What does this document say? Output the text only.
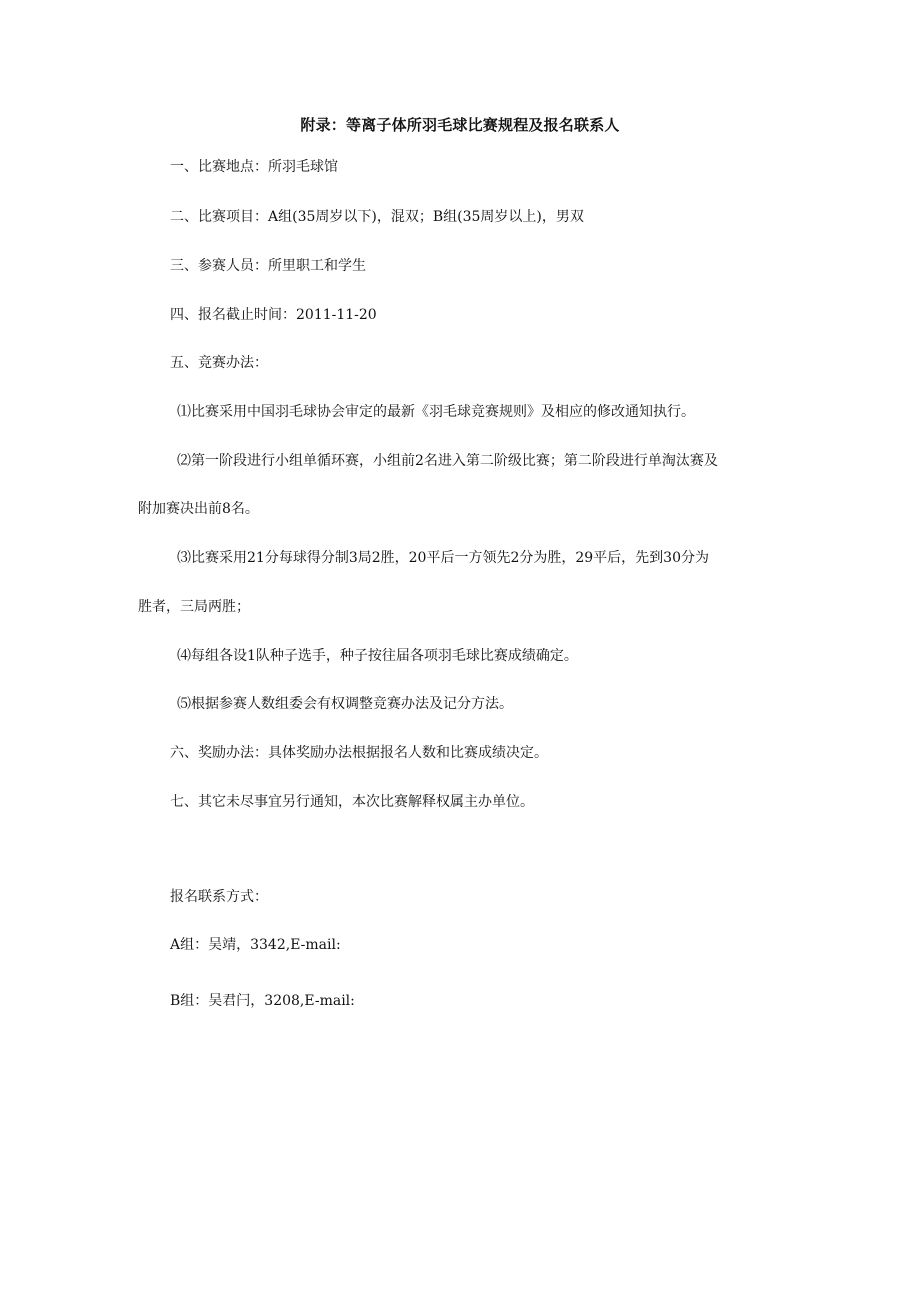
附录：等离子体所羽毛球比赛规程及报名联系人

一、比赛地点：所羽毛球馆

二、比赛项目：A组(35周岁以下)，混双；B组(35周岁以上)，男双

三、参赛人员：所里职工和学生

四、报名截止时间：2011-11-20

五、竞赛办法：

⑴比赛采用中国羽毛球协会审定的最新《羽毛球竞赛规则》及相应的修改通知执行。

⑵第一阶段进行小组单循环赛，小组前2名进入第二阶级比赛；第二阶段进行单淘汰赛及

附加赛决出前8名。

⑶比赛采用21分每球得分制3局2胜，20平后一方领先2分为胜，29平后，先到30分为

胜者，三局两胜；

⑷每组各设1队种子选手，种子按往届各项羽毛球比赛成绩确定。

⑸根据参赛人数组委会有权调整竞赛办法及记分方法。

六、奖励办法：具体奖励办法根据报名人数和比赛成绩决定。

七、其它未尽事宜另行通知，本次比赛解释权属主办单位。

报名联系方式：

A组：吴靖，3342,E-mail:

B组：吴君闩，3208,E-mail:
